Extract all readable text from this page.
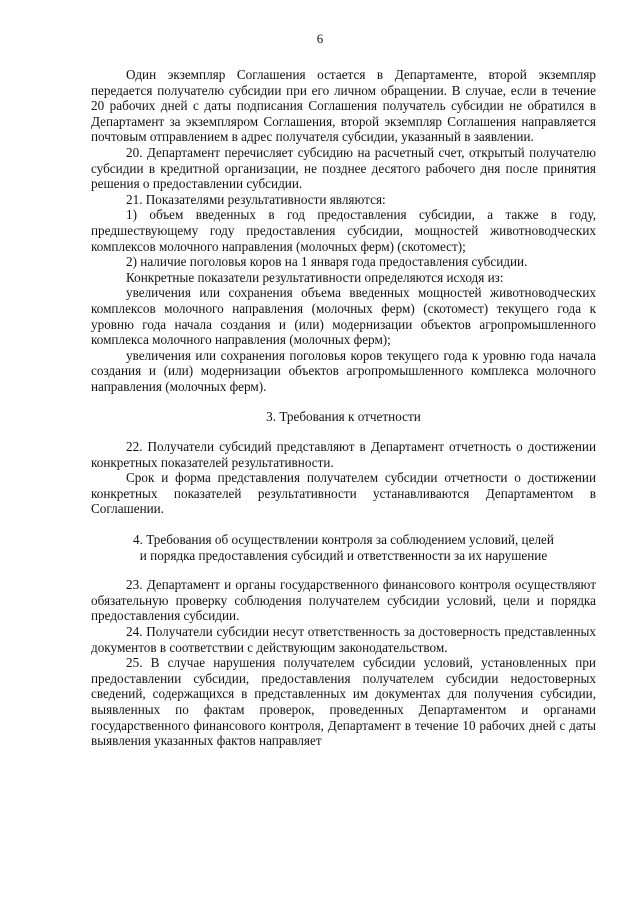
6

Один экземпляр Соглашения остается в Департаменте, второй экземпляр передается получателю субсидии при его личном обращении. В случае, если в течение 20 рабочих дней с даты подписания Соглашения получатель субсидии не обратился в Департамент за экземпляром Соглашения, второй экземпляр Соглашения направляется почтовым отправлением в адрес получателя субсидии, указанный в заявлении.

20. Департамент перечисляет субсидию на расчетный счет, открытый получателю субсидии в кредитной организации, не позднее десятого рабочего дня после принятия решения о предоставлении субсидии.

21. Показателями результативности являются:

1) объем введенных в год предоставления субсидии, а также в году, предшествующему году предоставления субсидии, мощностей животноводческих комплексов молочного направления (молочных ферм) (скотомест);

2) наличие поголовья коров на 1 января года предоставления субсидии.

Конкретные показатели результативности определяются исходя из:

увеличения или сохранения объема введенных мощностей животноводческих комплексов молочного направления (молочных ферм) (скотомест) текущего года к уровню года начала создания и (или) модернизации объектов агропромышленного комплекса молочного направления (молочных ферм);

увеличения или сохранения поголовья коров текущего года к уровню года начала создания и (или) модернизации объектов агропромышленного комплекса молочного направления (молочных ферм).

3. Требования к отчетности

22. Получатели субсидий представляют в Департамент отчетность о достижении конкретных показателей результативности.

Срок и форма представления получателем субсидии отчетности о достижении конкретных показателей результативности устанавливаются Департаментом в Соглашении.

4. Требования об осуществлении контроля за соблюдением условий, целей
и порядка предоставления субсидий и ответственности за их нарушение

23. Департамент и органы государственного финансового контроля осуществляют обязательную проверку соблюдения получателем субсидии условий, цели и порядка предоставления субсидии.

24. Получатели субсидии несут ответственность за достоверность представленных документов в соответствии с действующим законодательством.

25. В случае нарушения получателем субсидии условий, установленных при предоставлении субсидии, предоставления получателем субсидии недостоверных сведений, содержащихся в представленных им документах для получения субсидии, выявленных по фактам проверок, проведенных Департаментом и органами государственного финансового контроля, Департамент в течение 10 рабочих дней с даты выявления указанных фактов направляет
